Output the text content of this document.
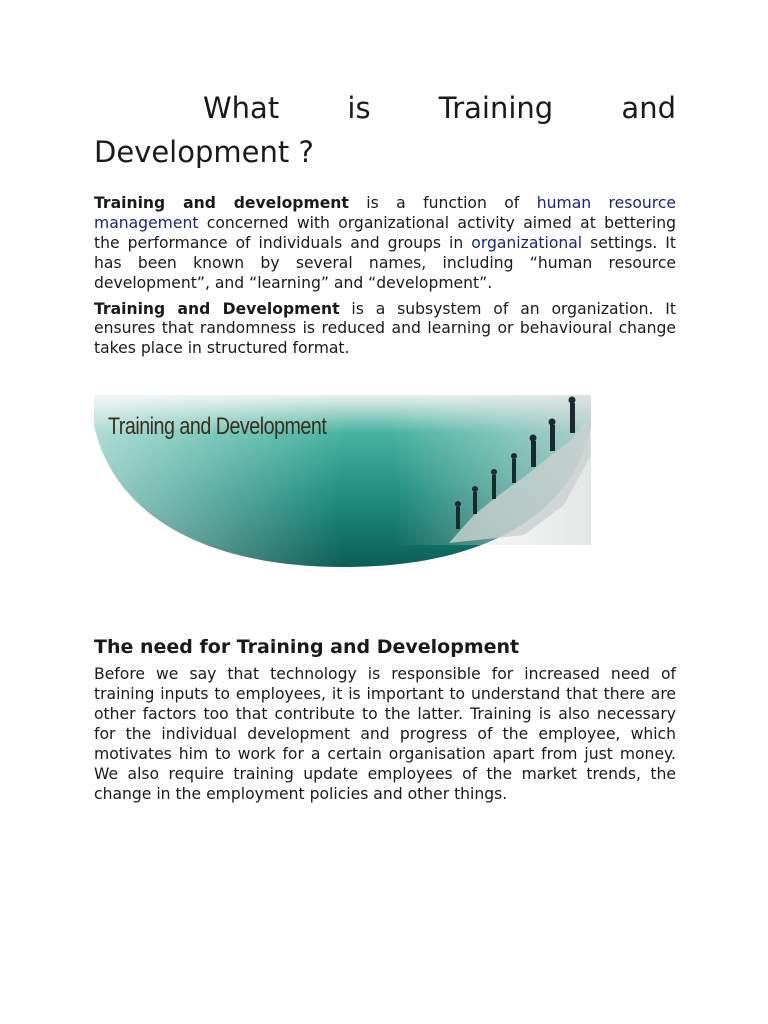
What is Training and
Development ?

Training and development is a function of human resource management concerned with organizational activity aimed at bettering the performance of individuals and groups in organizational settings. It has been known by several names, including “human resource development”, and “learning” and “development”.

Training and Development is a subsystem of an organization. It ensures that randomness is reduced and learning or behavioural change takes place in structured format.

Training and Development
The need for Training and Development

Before we say that technology is responsible for increased need of training inputs to employees, it is important to understand that there are other factors too that contribute to the latter. Training is also necessary for the individual development and progress of the employee, which motivates him to work for a certain organisation apart from just money. We also require training update employees of the market trends, the change in the employment policies and other things.
